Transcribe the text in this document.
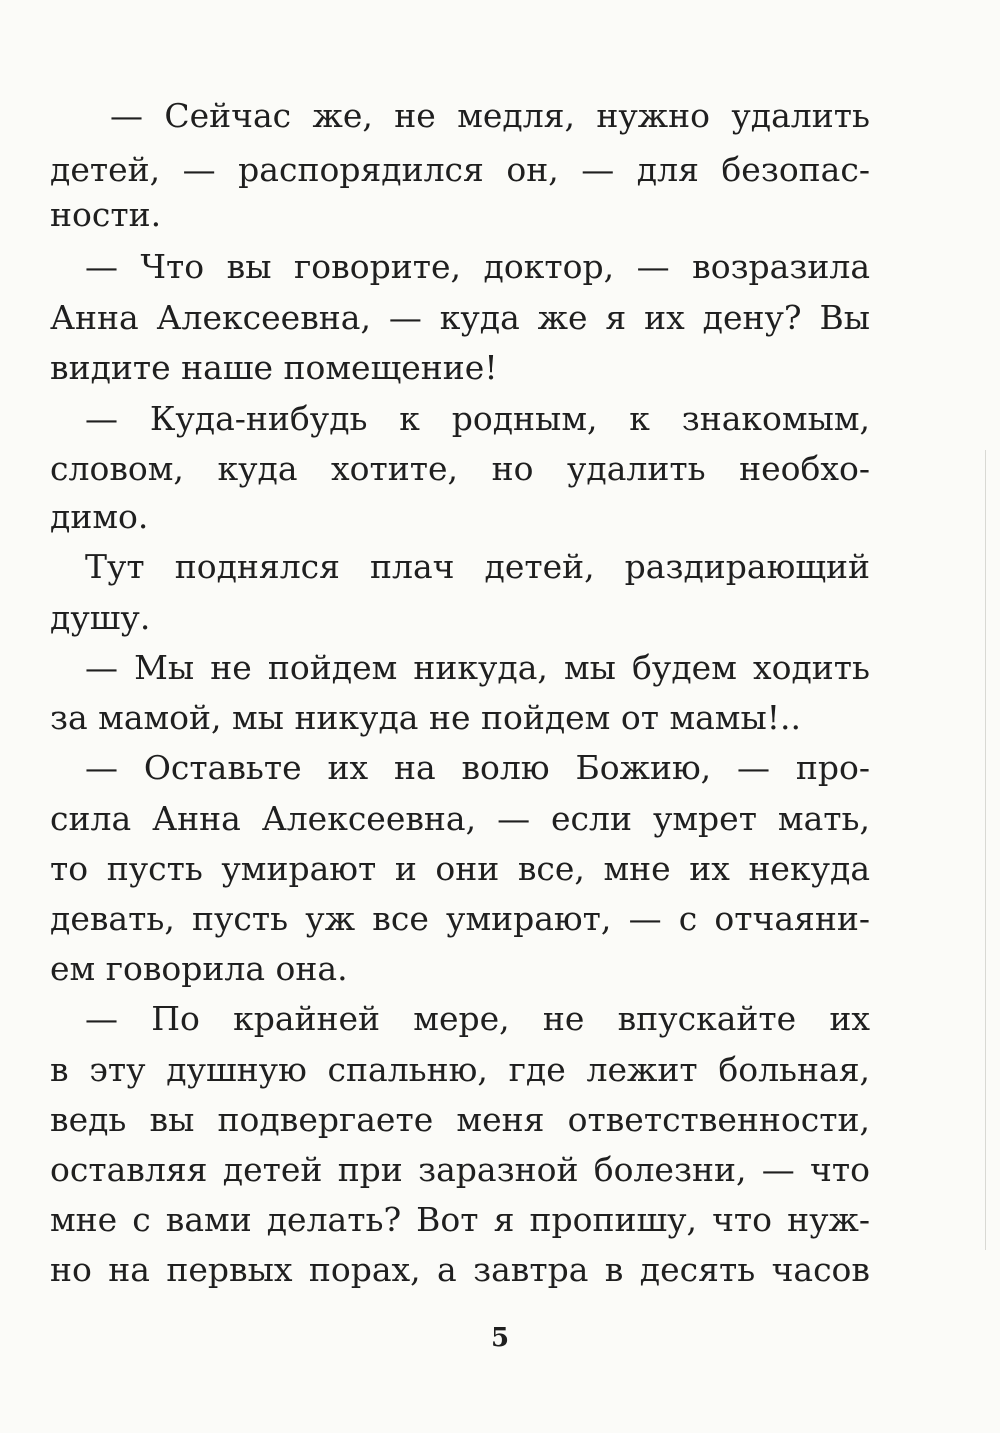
— Сейчас же, не медля, нужно удалить
детей, — распорядился он, — для безопас-
ности.
— Что вы говорите, доктор, — возразила
Анна Алексеевна, — куда же я их дену? Вы
видите наше помещение!
— Куда-нибудь к родным, к знакомым,
словом, куда хотите, но удалить необхо-
димо.
Тут поднялся плач детей, раздирающий
душу.
— Мы не пойдем никуда, мы будем ходить
за мамой, мы никуда не пойдем от мамы!..
— Оставьте их на волю Божию, — про-
сила Анна Алексеевна, — если умрет мать,
то пусть умирают и они все, мне их некуда
девать, пусть уж все умирают, — с отчаяни-
ем говорила она.
— По крайней мере, не впускайте их
в эту душную спальню, где лежит больная,
ведь вы подвергаете меня ответственности,
оставляя детей при заразной болезни, — что
мне с вами делать? Вот я пропишу, что нуж-
но на первых порах, а завтра в десять часов
5
